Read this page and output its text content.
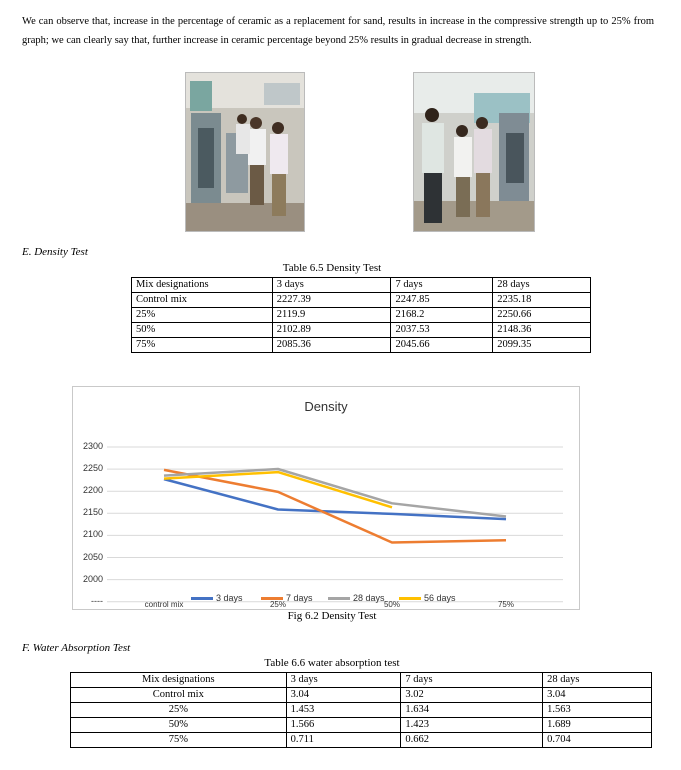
We can observe that, increase in the percentage of ceramic as a replacement for sand, results in increase in the compressive strength up to 25% from graph; we can clearly say that, further increase in ceramic percentage beyond 25% results in gradual decrease in strength.
E. Density Test
Table 6.5 Density Test
Mix designations	3 days	7 days	28 days
Control mix	2227.39	2247.85	2235.18
25%	2119.9	2168.2	2250.66
50%	2102.89	2037.53	2148.36
75%	2085.36	2045.66	2099.35
Density
2300
2250
2200
2150
2100
2050
2000
----	control mix	25%	50%	75%
3 days	7 days	28 days	56 days
Fig 6.2 Density Test
F. Water Absorption Test
Table 6.6 water absorption test
Mix designations	3 days	7 days	28 days
Control mix	3.04	3.02	3.04
25%	1.453	1.634	1.563
50%	1.566	1.423	1.689
75%	0.711	0.662	0.704
